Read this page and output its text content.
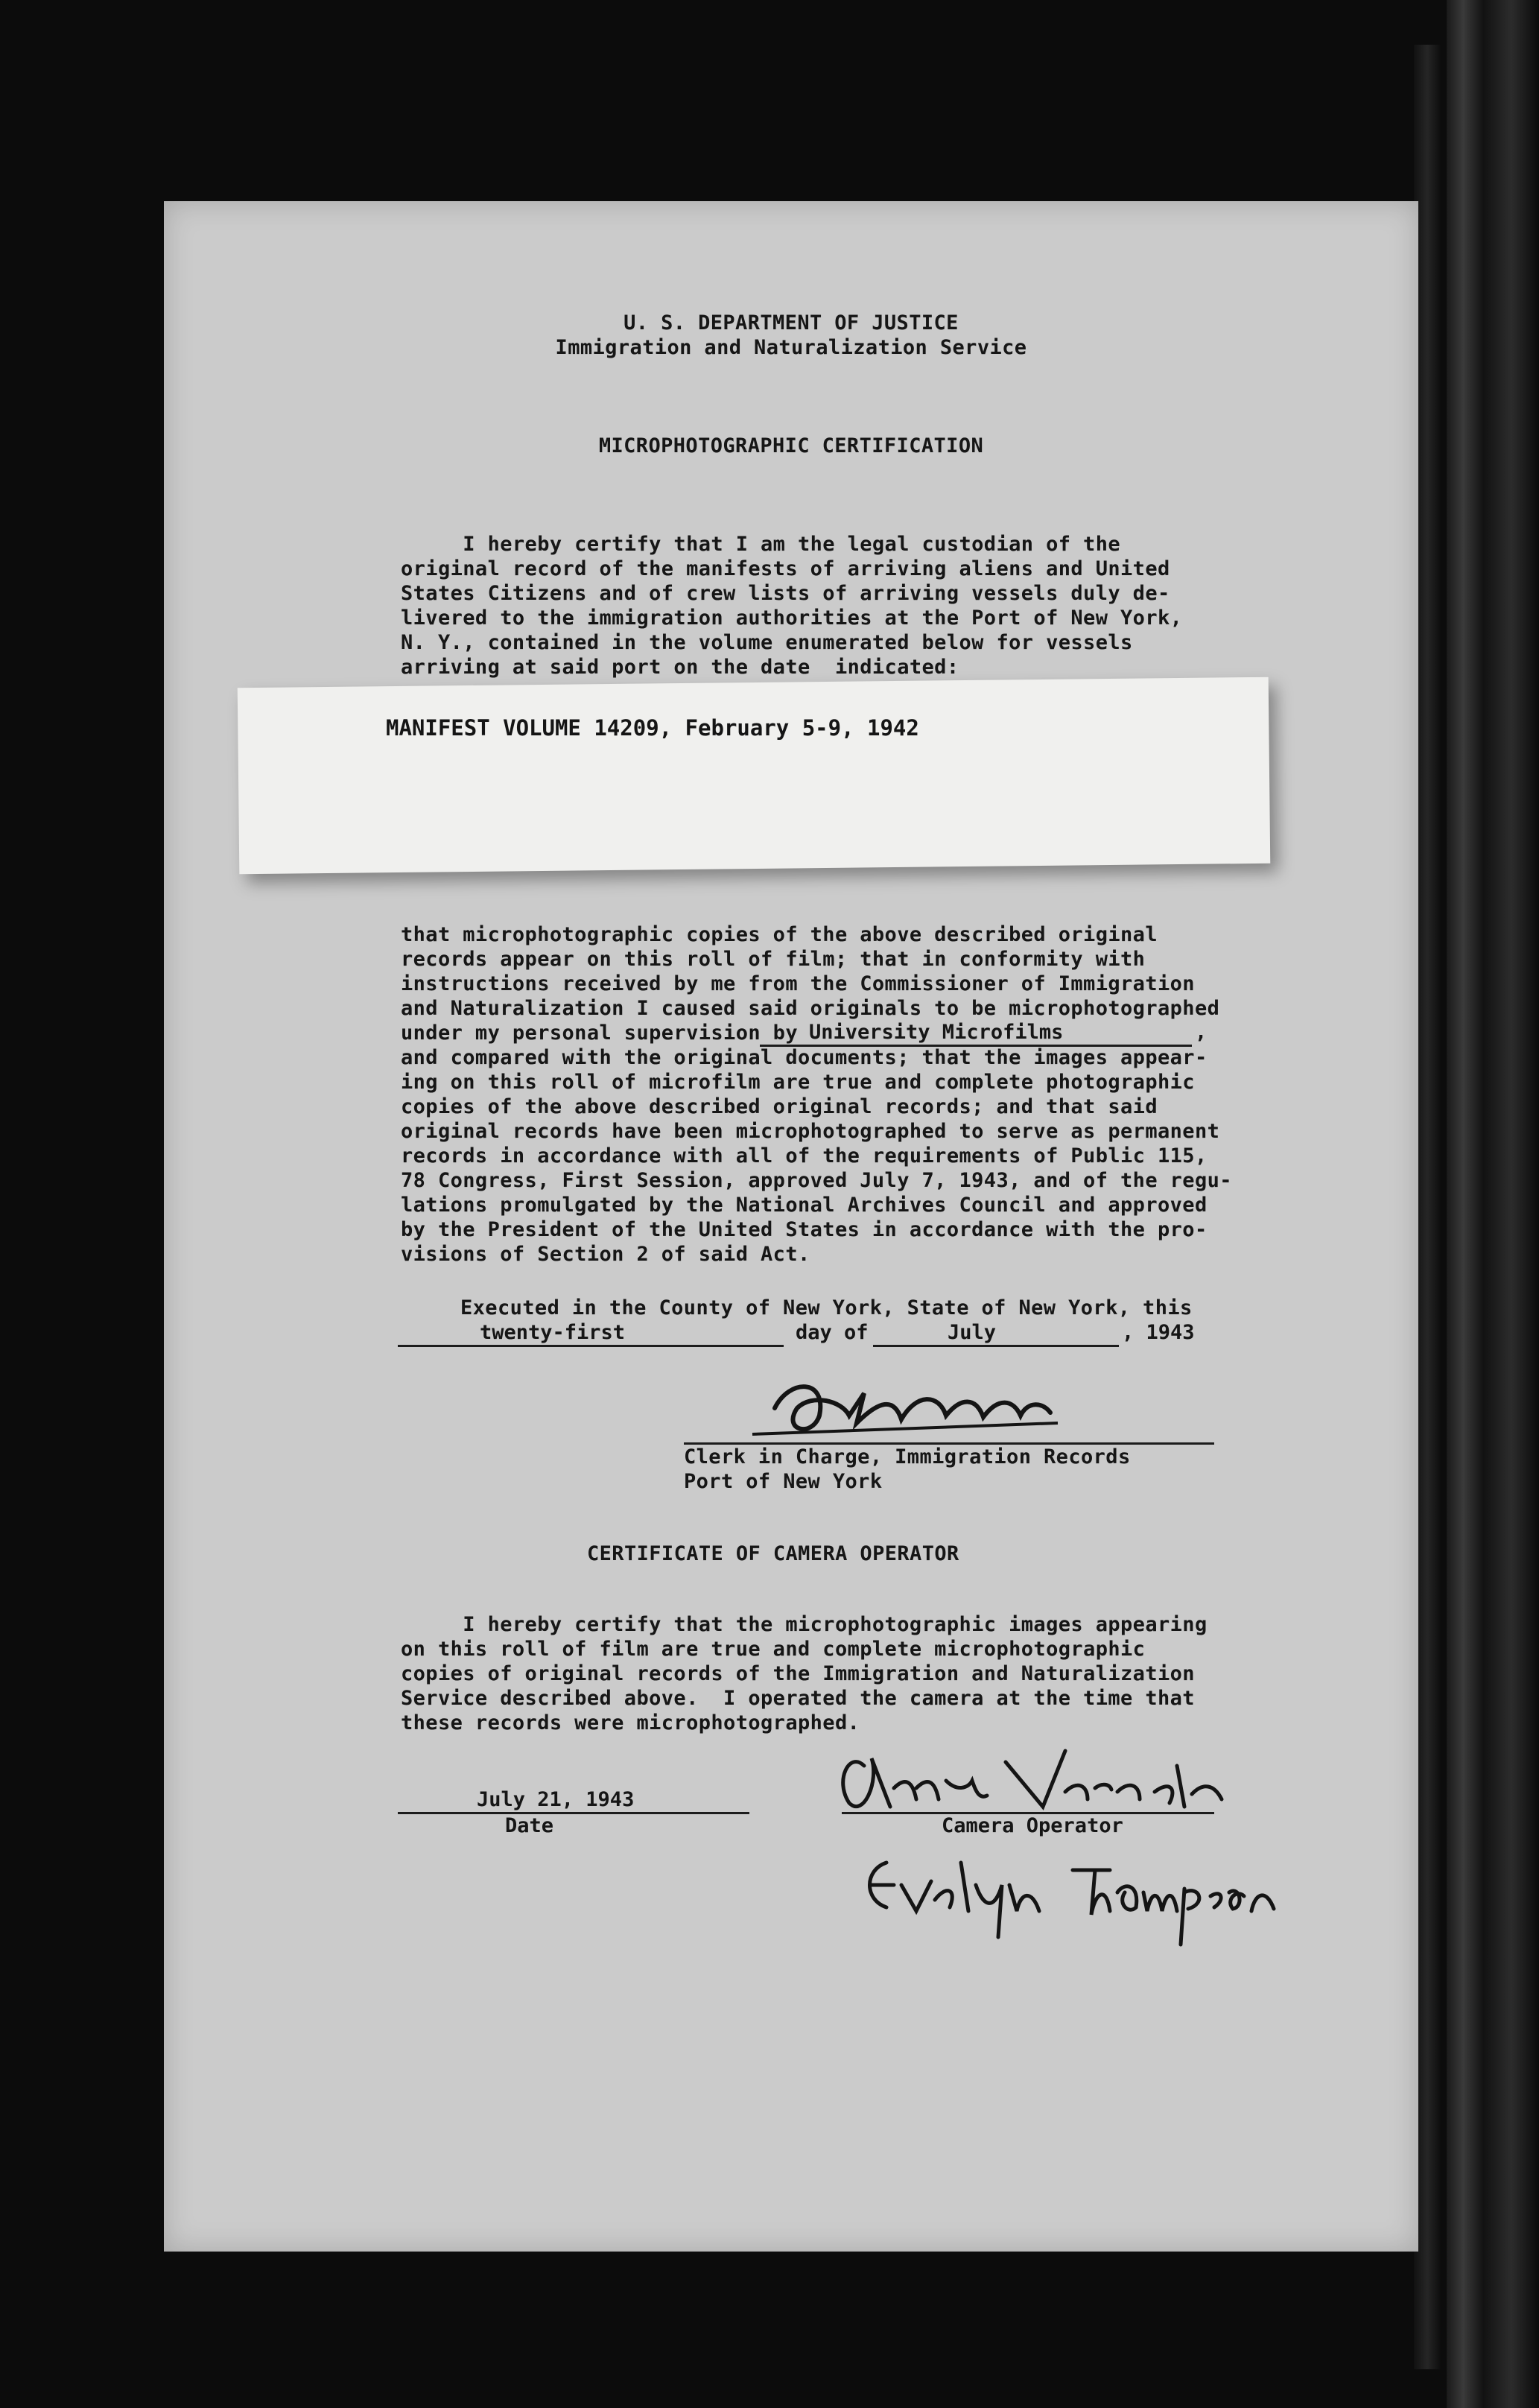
U. S. DEPARTMENT OF JUSTICE

Immigration and Naturalization Service

MICROPHOTOGRAPHIC CERTIFICATION

I hereby certify that I am the legal custodian of the
original record of the manifests of arriving aliens and United
States Citizens and of crew lists of arriving vessels duly de-
livered to the immigration authorities at the Port of New York,
N. Y., contained in the volume enumerated below for vessels
arriving at said port on the date  indicated:

MANIFEST VOLUME 14209, February 5-9, 1942

that microphotographic copies of the above described original
records appear on this roll of film; that in conformity with
instructions received by me from the Commissioner of Immigration
and Naturalization I caused said originals to be microphotographed
under my personal supervision by University Microfilms	,

and compared with the original documents; that the images appear-
ing on this roll of microfilm are true and complete photographic
copies of the above described original records; and that said
original records have been microphotographed to serve as permanent
records in accordance with all of the requirements of Public 115,
78 Congress, First Session, approved July 7, 1943, and of the regu-
lations promulgated by the National Archives Council and approved
by the President of the United States in accordance with the pro-
visions of Section 2 of said Act.

Executed in the County of New York, State of New York, this

twenty-first	day of	July	, 1943

Clerk in Charge, Immigration Records

Port of New York

CERTIFICATE OF CAMERA OPERATOR

I hereby certify that the microphotographic images appearing
on this roll of film are true and complete microphotographic
copies of original records of the Immigration and Naturalization
Service described above.  I operated the camera at the time that
these records were microphotographed.

July 21, 1943
Date	Camera Operator
